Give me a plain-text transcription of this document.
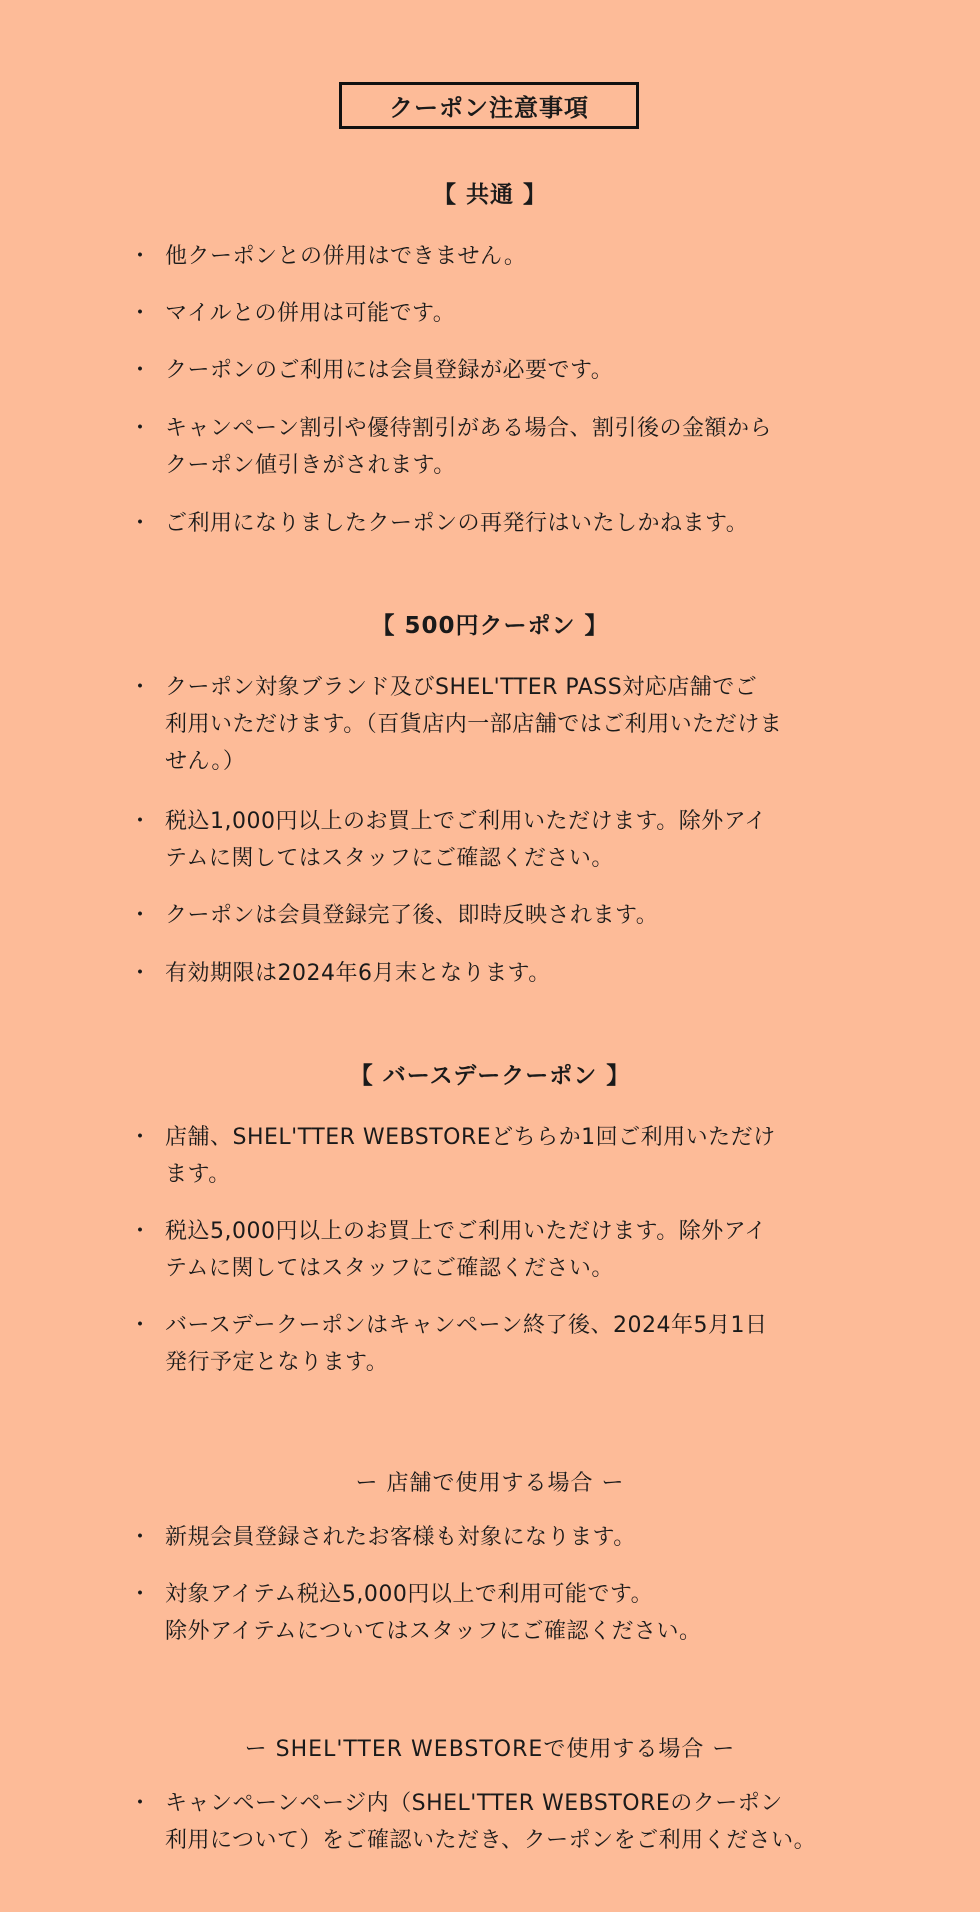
クーポン注意事項
【 共通 】
・ 他クーポンとの併用はできません。
・ マイルとの併用は可能です。
・ クーポンのご利用には会員登録が必要です。
・ キャンペーン割引や優待割引がある場合、割引後の金額から
クーポン値引きがされます。
・ ご利用になりましたクーポンの再発行はいたしかねます。
【 500円クーポン 】
・ クーポン対象ブランド及びSHEL'TTER PASS対応店舗でご
利用いただけます。（百貨店内一部店舗ではご利用いただけま
せん。）
・ 税込1,000円以上のお買上でご利用いただけます。除外アイ
テムに関してはスタッフにご確認ください。
・ クーポンは会員登録完了後、即時反映されます。
・ 有効期限は2024年6月末となります。
【 バースデークーポン 】
・ 店舗、SHEL'TTER WEBSTOREどちらか1回ご利用いただけ
ます。
・ 税込5,000円以上のお買上でご利用いただけます。除外アイ
テムに関してはスタッフにご確認ください。
・ バースデークーポンはキャンペーン終了後、2024年5月1日
発行予定となります。
ー 店舗で使用する場合 ー
・ 新規会員登録されたお客様も対象になります。
・ 対象アイテム税込5,000円以上で利用可能です。
除外アイテムについてはスタッフにご確認ください。
ー SHEL'TTER WEBSTOREで使用する場合 ー
・ キャンペーンページ内（SHEL'TTER WEBSTOREのクーポン
利用について）をご確認いただき、クーポンをご利用ください。
